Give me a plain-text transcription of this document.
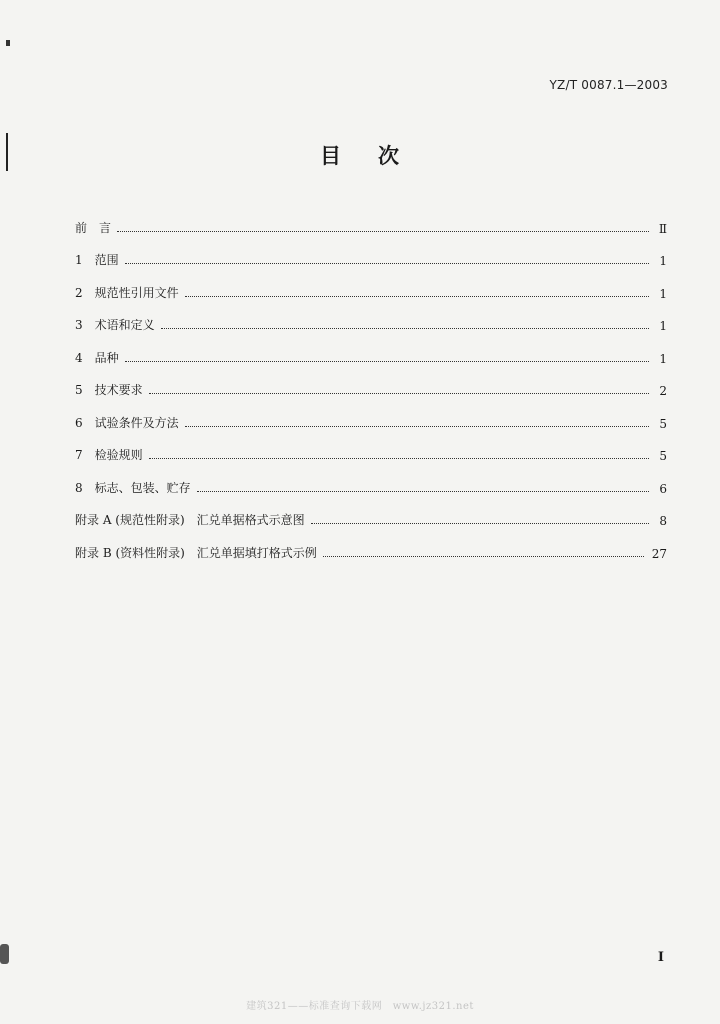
YZ/T 0087.1—2003
目 次
前　言	Ⅱ
1　范围	1
2　规范性引用文件	1
3　术语和定义	1
4　品种	1
5　技术要求	2
6　试验条件及方法	5
7　检验规则	5
8　标志、包装、贮存	6
附录 A (规范性附录)　汇兑单据格式示意图	8
附录 B (资料性附录)　汇兑单据填打格式示例	27
I
建筑321——标准查询下载网　www.jz321.net
